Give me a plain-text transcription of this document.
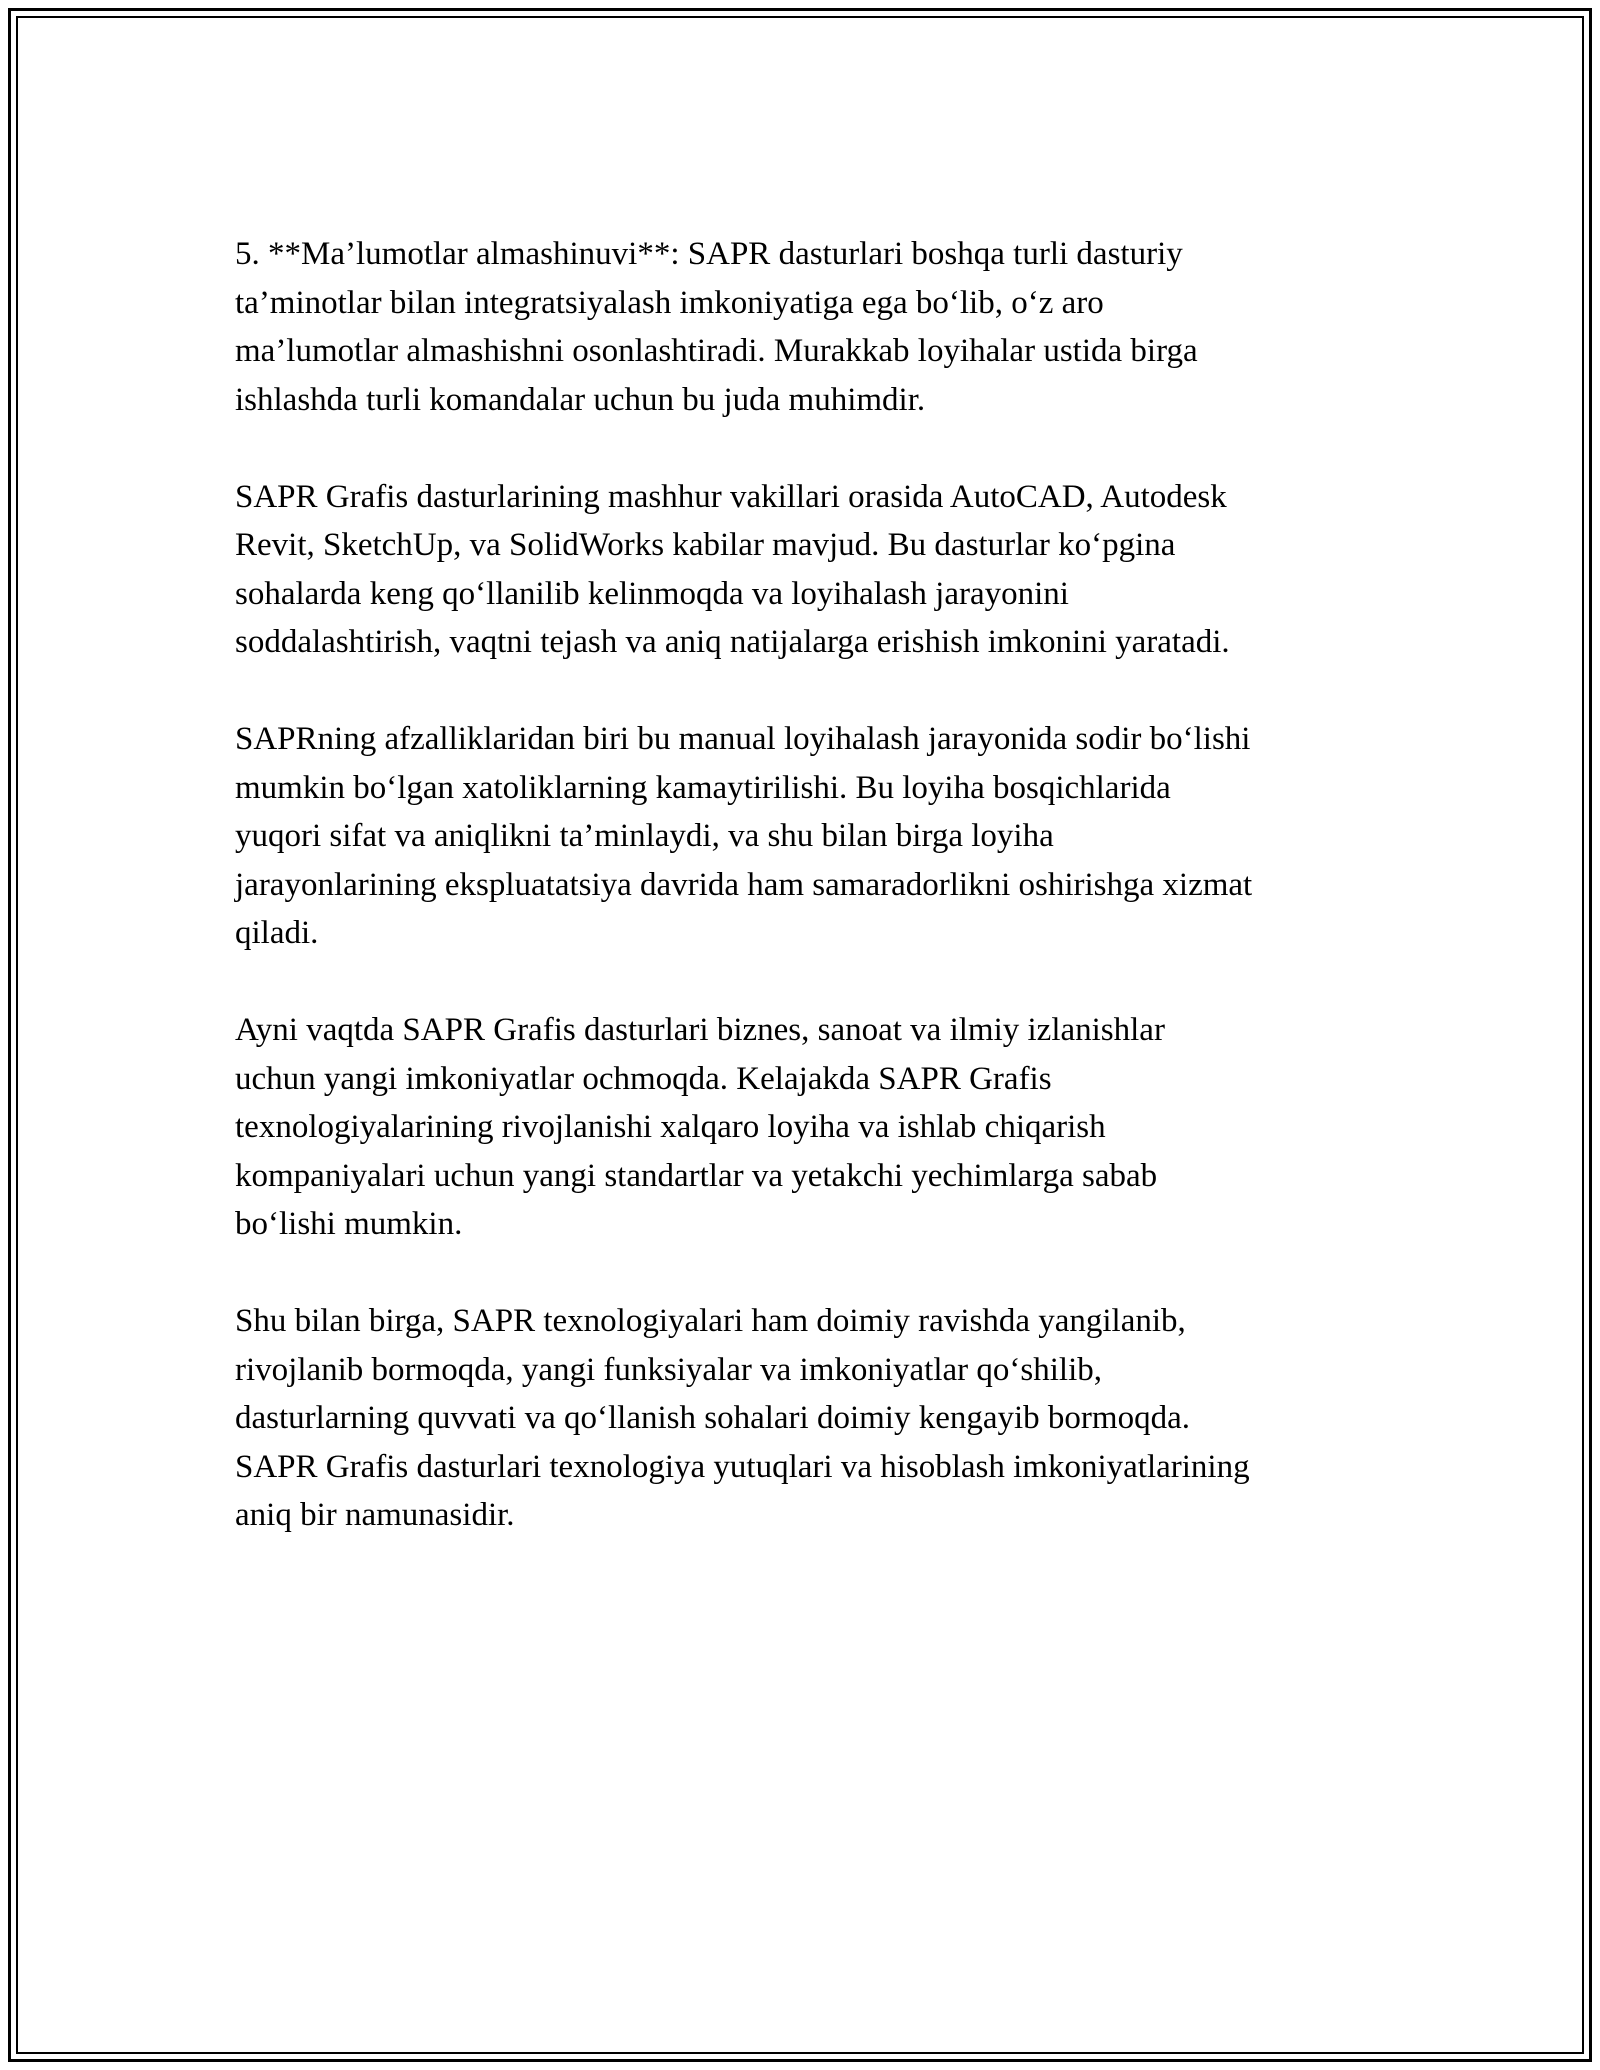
5. **Ma’lumotlar almashinuvi**: SAPR dasturlari boshqa turli dasturiy
ta’minotlar bilan integratsiyalash imkoniyatiga ega bo‘lib, o‘z aro
ma’lumotlar almashishni osonlashtiradi. Murakkab loyihalar ustida birga
ishlashda turli komandalar uchun bu juda muhimdir.

SAPR Grafis dasturlarining mashhur vakillari orasida AutoCAD, Autodesk
Revit, SketchUp, va SolidWorks kabilar mavjud. Bu dasturlar ko‘pgina
sohalarda keng qo‘llanilib kelinmoqda va loyihalash jarayonini
soddalashtirish, vaqtni tejash va aniq natijalarga erishish imkonini yaratadi.

SAPRning afzalliklaridan biri bu manual loyihalash jarayonida sodir bo‘lishi
mumkin bo‘lgan xatoliklarning kamaytirilishi. Bu loyiha bosqichlarida
yuqori sifat va aniqlikni ta’minlaydi, va shu bilan birga loyiha
jarayonlarining ekspluatatsiya davrida ham samaradorlikni oshirishga xizmat
qiladi.

Ayni vaqtda SAPR Grafis dasturlari biznes, sanoat va ilmiy izlanishlar
uchun yangi imkoniyatlar ochmoqda. Kelajakda SAPR Grafis
texnologiyalarining rivojlanishi xalqaro loyiha va ishlab chiqarish
kompaniyalari uchun yangi standartlar va yetakchi yechimlarga sabab
bo‘lishi mumkin.

Shu bilan birga, SAPR texnologiyalari ham doimiy ravishda yangilanib,
rivojlanib bormoqda, yangi funksiyalar va imkoniyatlar qo‘shilib,
dasturlarning quvvati va qo‘llanish sohalari doimiy kengayib bormoqda.
SAPR Grafis dasturlari texnologiya yutuqlari va hisoblash imkoniyatlarining
aniq bir namunasidir.
